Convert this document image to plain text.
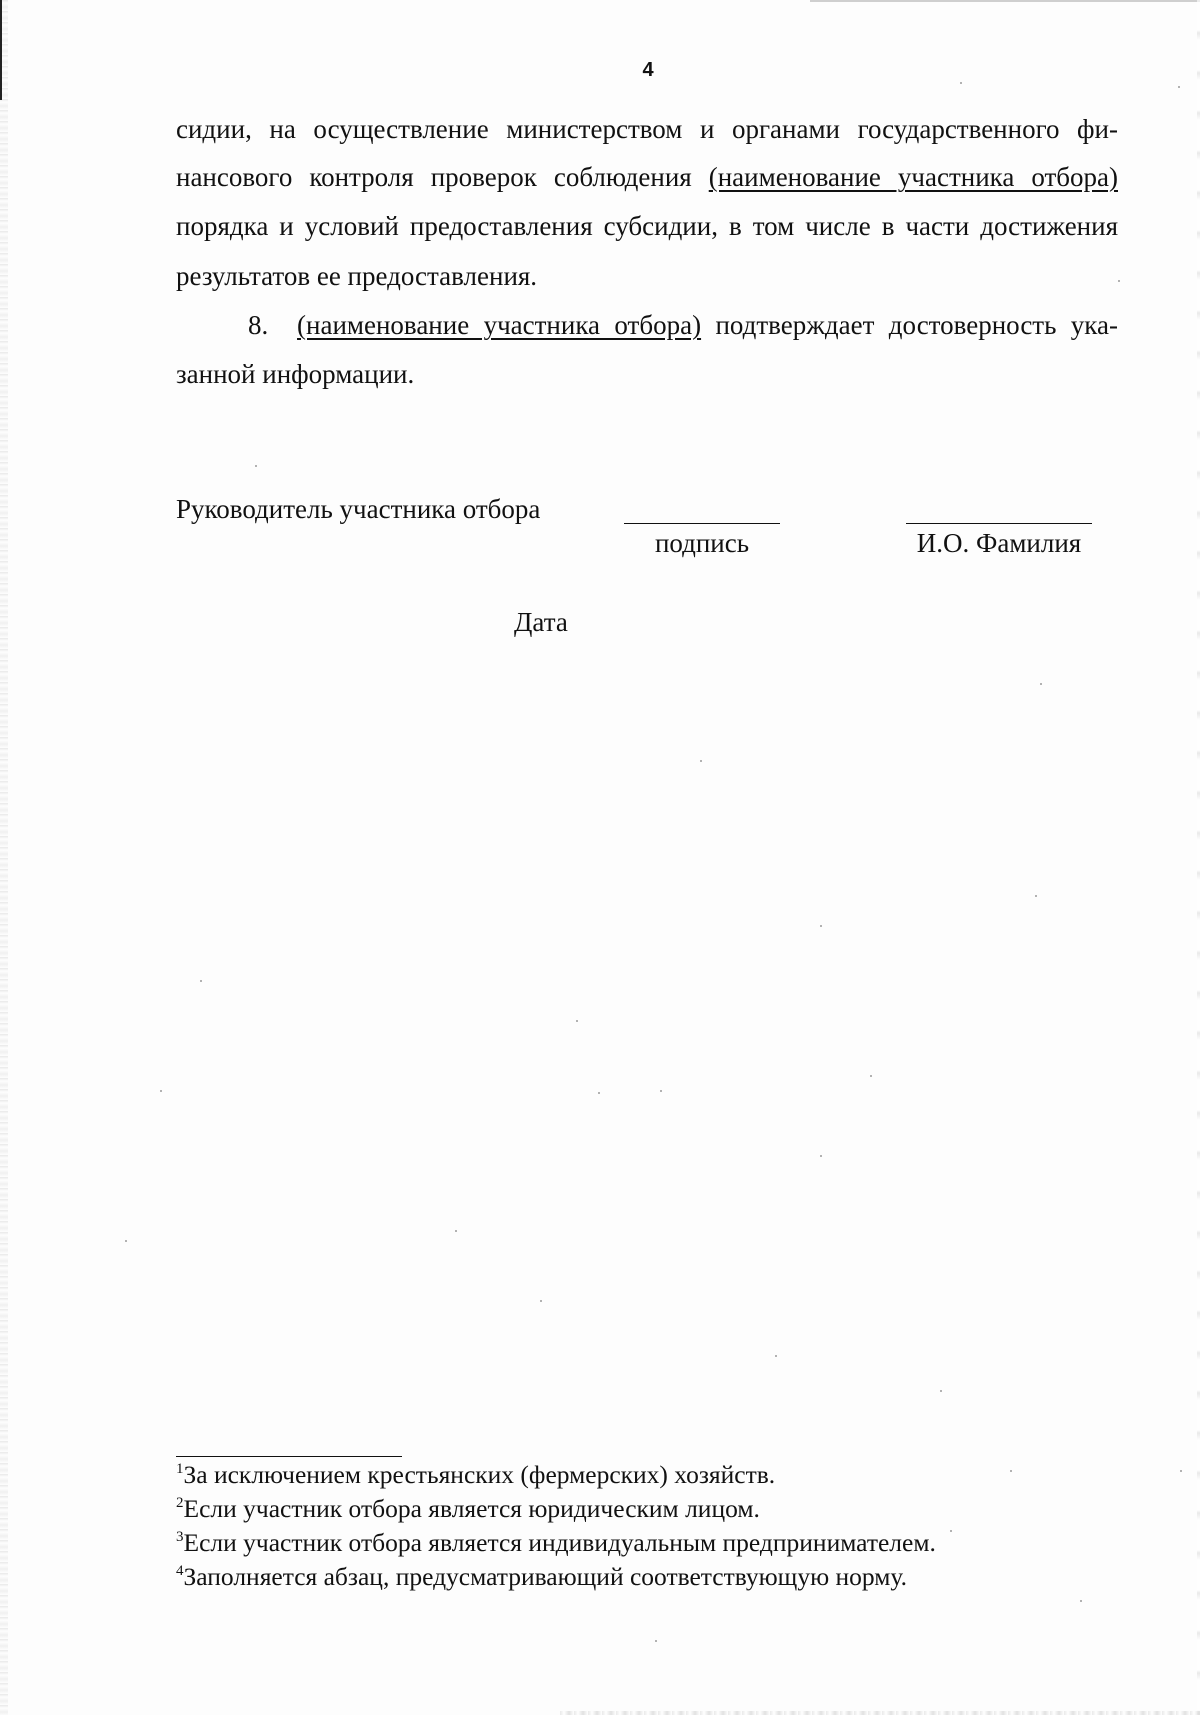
4
сидии, на осуществление министерством и органами государственного фи-
нансового контроля проверок соблюдения (наименование участника отбора)
порядка и условий предоставления субсидии, в том числе в части достижения
результатов ее предоставления.
8. (наименование участника отбора) подтверждает достоверность ука-
занной информации.
Руководитель участника отбора
подпись	И.О. Фамилия
Дата
$^1$За исключением крестьянских (фермерских) хозяйств.
$^2$Если участник отбора является юридическим лицом.
$^3$Если участник отбора является индивидуальным предпринимателем.
$^4$Заполняется абзац, предусматривающий соответствующую норму.
